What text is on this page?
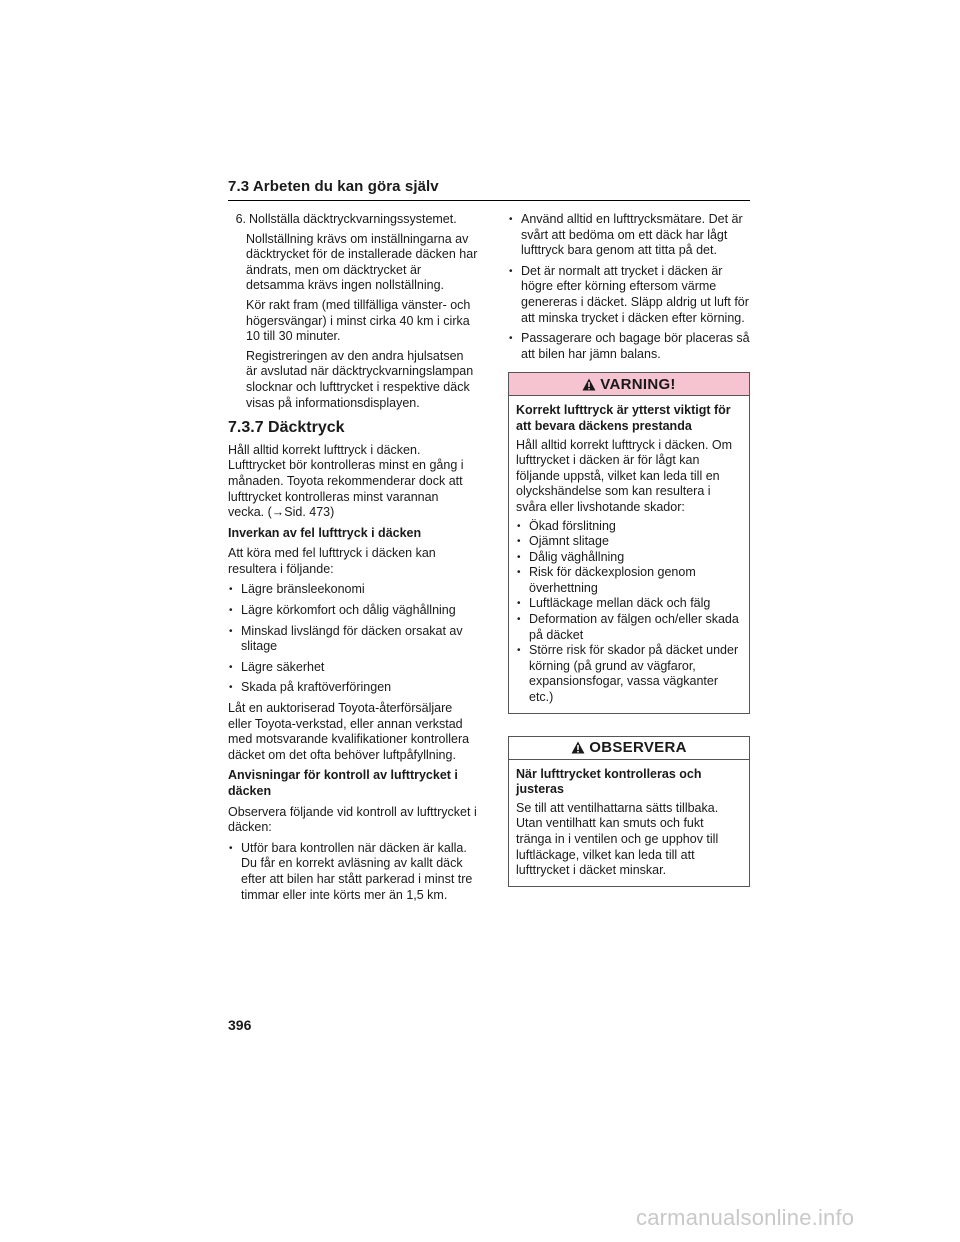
7.3 Arbeten du kan göra själv
6. Nollställa däcktryckvarningssystemet.

Nollställning krävs om inställningarna av däcktrycket för de installerade däcken har ändrats, men om däcktrycket är detsamma krävs ingen nollställning.

Kör rakt fram (med tillfälliga vänster- och högersvängar) i minst cirka 40 km i cirka 10 till 30 minuter.

Registreringen av den andra hjulsatsen är avslutad när däcktryckvarningslampan slocknar och lufttrycket i respektive däck visas på informationsdisplayen.

7.3.7 Däcktryck

Håll alltid korrekt lufttryck i däcken. Lufttrycket bör kontrolleras minst en gång i månaden. Toyota rekommenderar dock att lufttrycket kontrolleras minst varannan vecka. (→Sid. 473)

Inverkan av fel lufttryck i däcken

Att köra med fel lufttryck i däcken kan resultera i följande:

• Lägre bränsleekonomi
• Lägre körkomfort och dålig väghållning
• Minskad livslängd för däcken orsakat av slitage
• Lägre säkerhet
• Skada på kraftöverföringen

Låt en auktoriserad Toyota-återförsäljare eller Toyota-verkstad, eller annan verkstad med motsvarande kvalifikationer kontrollera däcket om det ofta behöver luftpåfyllning.

Anvisningar för kontroll av lufttrycket i däcken

Observera följande vid kontroll av lufttrycket i däcken:

• Utför bara kontrollen när däcken är kalla. Du får en korrekt avläsning av kallt däck efter att bilen har stått parkerad i minst tre timmar eller inte körts mer än 1,5 km.
• Använd alltid en lufttrycksmätare. Det är svårt att bedöma om ett däck har lågt lufttryck bara genom att titta på det.
• Det är normalt att trycket i däcken är högre efter körning eftersom värme genereras i däcket. Släpp aldrig ut luft för att minska trycket i däcken efter körning.
• Passagerare och bagage bör placeras så att bilen har jämn balans.
VARNING!

Korrekt lufttryck är ytterst viktigt för att bevara däckens prestanda

Håll alltid korrekt lufttryck i däcken. Om lufttrycket i däcken är för lågt kan följande uppstå, vilket kan leda till en olyckshändelse som kan resultera i svåra eller livshotande skador:

• Ökad förslitning
• Ojämnt slitage
• Dålig väghållning
• Risk för däckexplosion genom överhettning
• Luftläckage mellan däck och fälg
• Deformation av fälgen och/eller skada på däcket
• Större risk för skador på däcket under körning (på grund av vägfaror, expansionsfogar, vassa vägkanter etc.)
OBSERVERA

När lufttrycket kontrolleras och justeras

Se till att ventilhattarna sätts tillbaka. Utan ventilhatt kan smuts och fukt tränga in i ventilen och ge upphov till luftläckage, vilket kan leda till att lufttrycket i däcket minskar.

396
carmanualsonline.info
